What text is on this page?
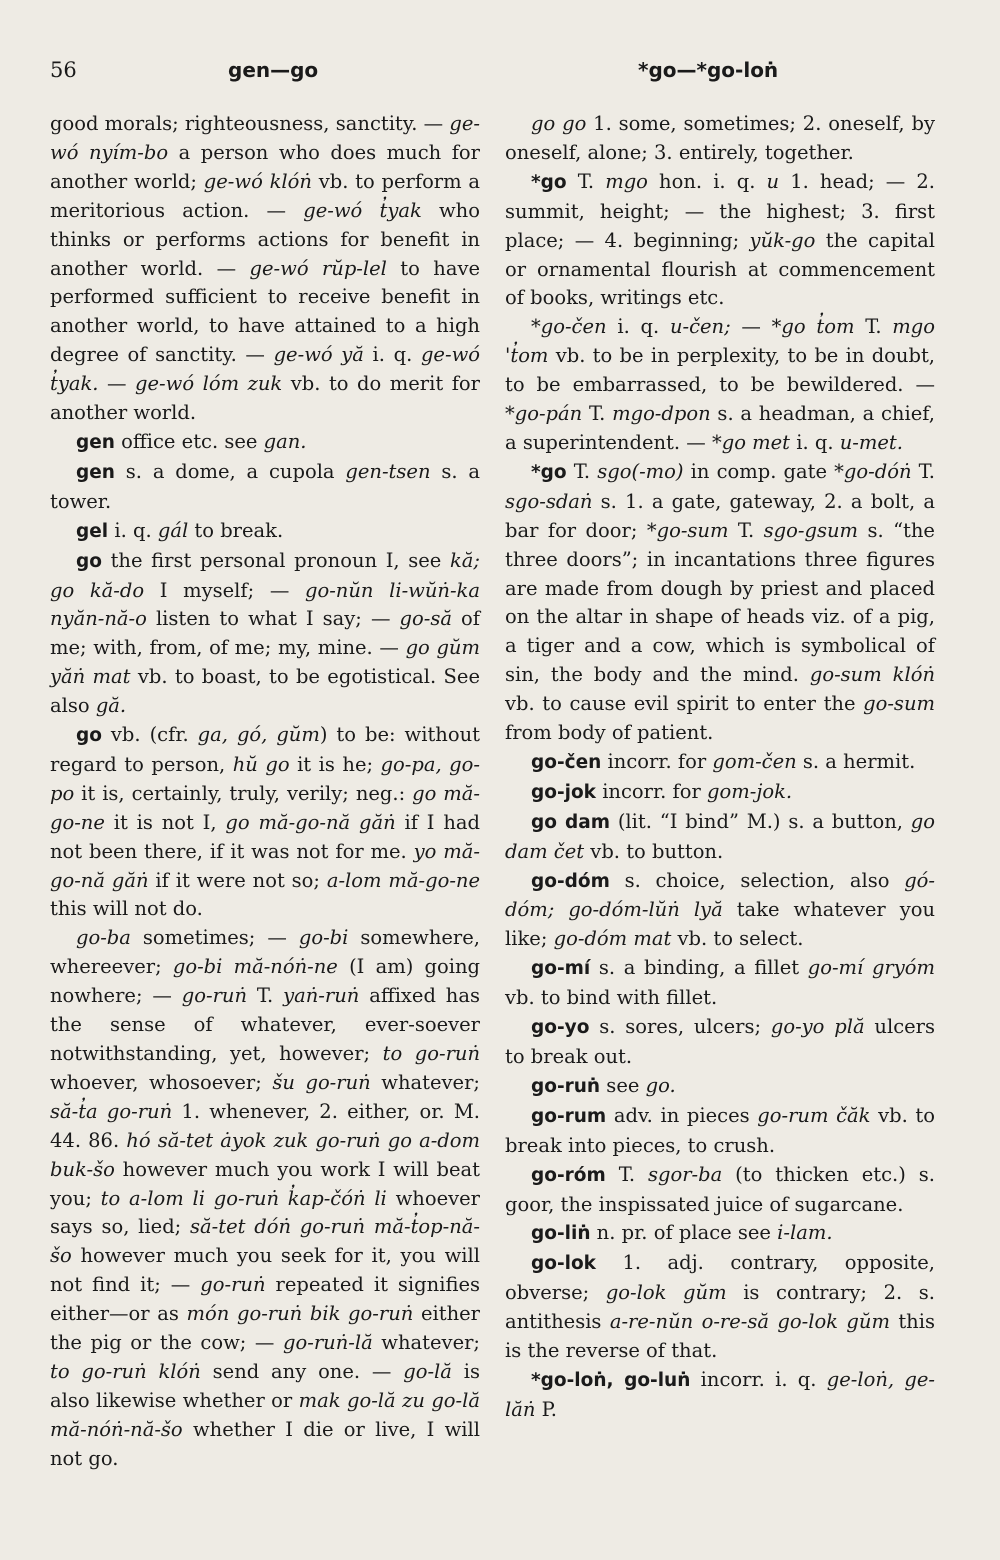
56	gen—go	*go—*go-loṅ

good morals; righteousness, sanctity. — ge-wó nyím-bo a person who does much for another world; ge-wó klóṅ vb. to perform a meritorious action. — ge-wó t̓yak who thinks or performs actions for benefit in another world. — ge-wó rŭp-lel to have performed sufficient to receive benefit in another world, to have attained to a high degree of sanctity. — ge-wó yă i. q. ge-wó t̓yak. — ge-wó lóm zuk vb. to do merit for another world.

gen office etc. see gan.

gen s. a dome, a cupola gen-tsen s. a tower.

gel i. q. gál to break.

go the first personal pronoun I, see kă; go kă-do I myself; — go-nŭn li-wŭṅ-ka nyăn-nă-o listen to what I say; — go-să of me; with, from, of me; my, mine. — go gŭm yăṅ mat vb. to boast, to be egotistical. See also gă.

go vb. (cfr. ga, gó, gŭm) to be: without regard to person, hŭ go it is he; go-pa, go-po it is, certainly, truly, verily; neg.: go mă-go-ne it is not I, go mă-go-nă găṅ if I had not been there, if it was not for me. yo mă-go-nă găṅ if it were not so; a-lom mă-go-ne this will not do.

go-ba sometimes; — go-bi somewhere, whereever; go-bi mă-nóṅ-ne (I am) going nowhere; — go-ruṅ T. yaṅ-ruṅ affixed has the sense of whatever, ever-soever notwithstanding, yet, however; to go-ruṅ whoever, whosoever; šu go-ruṅ whatever; să-t̓a go-ruṅ 1. whenever, 2. either, or. M. 44. 86. hó să-tet ȧyok zuk go-ruṅ go a-dom buk-šo however much you work I will beat you; to a-lom li go-ruṅ k̓ap-čóṅ li whoever says so, lied; să-tet dóṅ go-ruṅ mă-t̓op-nă-šo however much you seek for it, you will not find it; — go-ruṅ repeated it signifies either—or as món go-ruṅ bik go-ruṅ either the pig or the cow; — go-ruṅ-lă whatever; to go-ruṅ klóṅ send any one. — go-lă is also likewise whether or mak go-lă zu go-lă mă-nóṅ-nă-šo whether I die or live, I will not go.

go go 1. some, sometimes; 2. oneself, by oneself, alone; 3. entirely, together.

*go T. mgo hon. i. q. u 1. head; — 2. summit, height; — the highest; 3. first place; — 4. beginning; yŭk-go the capital or ornamental flourish at commencement of books, writings etc.

*go-čen i. q. u-čen; — *go t̓om T. mgo 't̓om vb. to be in perplexity, to be in doubt, to be embarrassed, to be bewildered. — *go-pán T. mgo-dpon s. a headman, a chief, a superintendent. — *go met i. q. u-met.

*go T. sgo(-mo) in comp. gate *go-dóṅ T. sgo-sdaṅ s. 1. a gate, gateway, 2. a bolt, a bar for door; *go-sum T. sgo-gsum s. “the three doors”; in incantations three figures are made from dough by priest and placed on the altar in shape of heads viz. of a pig, a tiger and a cow, which is symbolical of sin, the body and the mind. go-sum klóṅ vb. to cause evil spirit to enter the go-sum from body of patient.

go-čen incorr. for gom-čen s. a hermit.

go-jok incorr. for gom-jok.

go dam (lit. “I bind” M.) s. a button, go dam čet vb. to button.

go-dóm s. choice, selection, also gó-dóm; go-dóm-lŭṅ lyă take whatever you like; go-dóm mat vb. to select.

go-mí s. a binding, a fillet go-mí gryóm vb. to bind with fillet.

go-yo s. sores, ulcers; go-yo plă ulcers to break out.

go-ruṅ see go.

go-rum adv. in pieces go-rum čăk vb. to break into pieces, to crush.

go-róm T. sgor-ba (to thicken etc.) s. goor, the inspissated juice of sugarcane.

go-liṅ n. pr. of place see i-lam.

go-lok 1. adj. contrary, opposite, obverse; go-lok gŭm is contrary; 2. s. antithesis a-re-nŭn o-re-să go-lok gŭm this is the reverse of that.

*go-loṅ, go-luṅ incorr. i. q. ge-loṅ, ge-lăṅ P.
